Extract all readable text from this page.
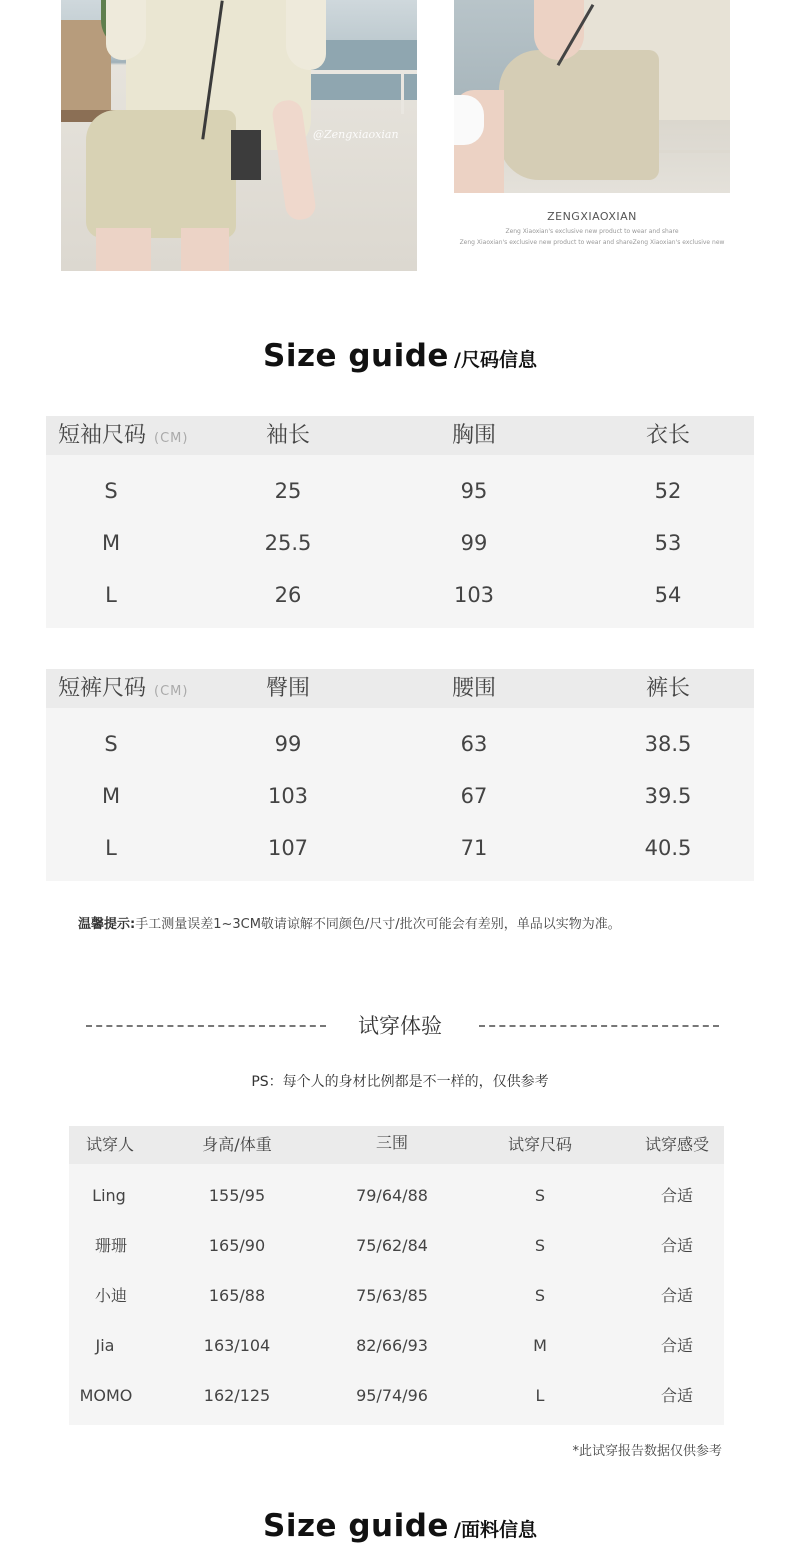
@Zengxiaoxian
ZENGXIAOXIAN
Zeng Xiaoxian's exclusive new product to wear and share
Zeng Xiaoxian's exclusive new product to wear and shareZeng Xiaoxian's exclusive new
Size guide /尺码信息
短袖尺码 (CM)	袖长	胸围	衣长
S	25	95	52
M	25.5	99	53
L	26	103	54
短裤尺码 (CM)	臀围	腰围	裤长
S	99	63	38.5
M	103	67	39.5
L	107	71	40.5
温馨提示:手工测量误差1~3CM敬请谅解不同颜色/尺寸/批次可能会有差别，单品以实物为准。
试穿体验
PS：每个人的身材比例都是不一样的，仅供参考
试穿人	身高/体重	三围	试穿尺码	试穿感受
Ling	155/95	79/64/88	S	合适
珊珊	165/90	75/62/84	S	合适
小迪	165/88	75/63/85	S	合适
Jia	163/104	82/66/93	M	合适
MOMO	162/125	95/74/96	L	合适
*此试穿报告数据仅供参考
Size guide /面料信息
